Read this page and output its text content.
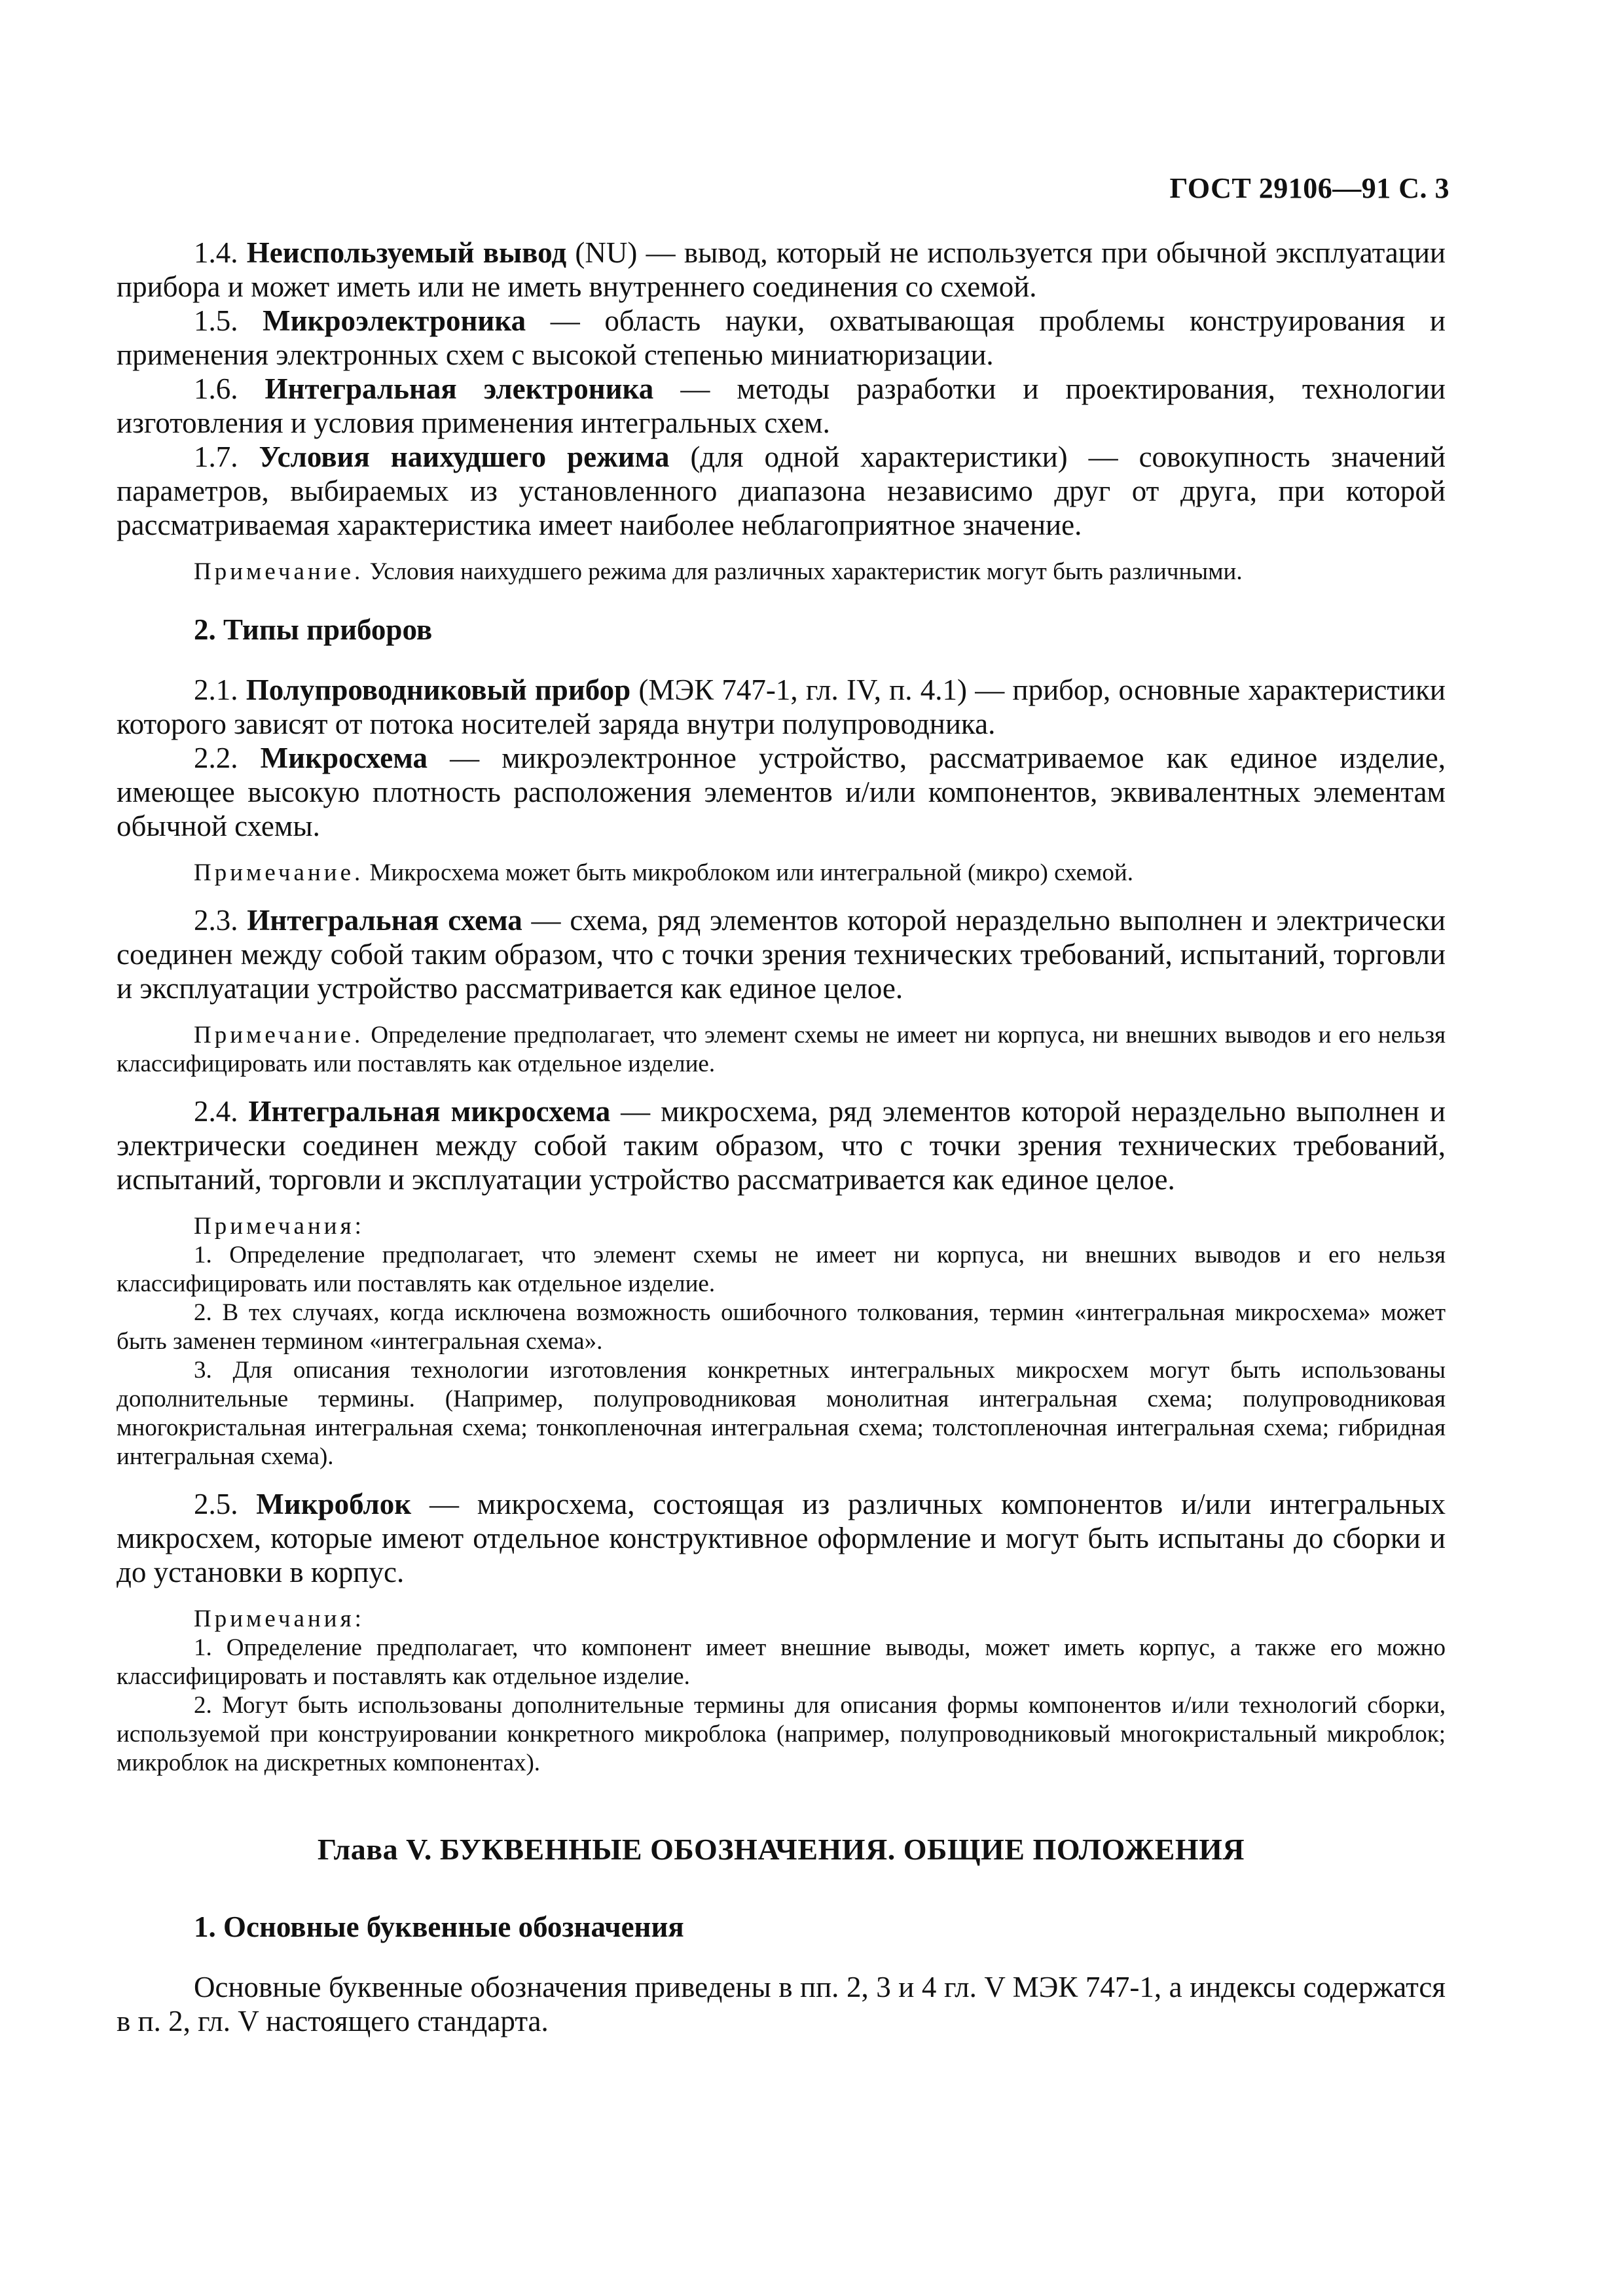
ГОСТ 29106—91 С. 3

1.4. Неиспользуемый вывод (NU) — вывод, который не используется при обычной эксплуатации прибора и может иметь или не иметь внутреннего соединения со схемой.

1.5. Микроэлектроника — область науки, охватывающая проблемы конструирования и применения электронных схем с высокой степенью миниатюризации.

1.6. Интегральная электроника — методы разработки и проектирования, технологии изготовления и условия применения интегральных схем.

1.7. Условия наихудшего режима (для одной характеристики) — совокупность значений параметров, выбираемых из установленного диапазона независимо друг от друга, при которой рассматриваемая характеристика имеет наиболее неблагоприятное значение.

Примечание. Условия наихудшего режима для различных характеристик могут быть различными.

2. Типы приборов

2.1. Полупроводниковый прибор (МЭК 747-1, гл. IV, п. 4.1) — прибор, основные характеристики которого зависят от потока носителей заряда внутри полупроводника.

2.2. Микросхема — микроэлектронное устройство, рассматриваемое как единое изделие, имеющее высокую плотность расположения элементов и/или компонентов, эквивалентных элементам обычной схемы.

Примечание. Микросхема может быть микроблоком или интегральной (микро) схемой.

2.3. Интегральная схема — схема, ряд элементов которой нераздельно выполнен и электрически соединен между собой таким образом, что с точки зрения технических требований, испытаний, торговли и эксплуатации устройство рассматривается как единое целое.

Примечание. Определение предполагает, что элемент схемы не имеет ни корпуса, ни внешних выводов и его нельзя классифицировать или поставлять как отдельное изделие.

2.4. Интегральная микросхема — микросхема, ряд элементов которой нераздельно выполнен и электрически соединен между собой таким образом, что с точки зрения технических требований, испытаний, торговли и эксплуатации устройство рассматривается как единое целое.

Примечания:

1. Определение предполагает, что элемент схемы не имеет ни корпуса, ни внешних выводов и его нельзя классифицировать или поставлять как отдельное изделие.

2. В тех случаях, когда исключена возможность ошибочного толкования, термин «интегральная микросхема» может быть заменен термином «интегральная схема».

3. Для описания технологии изготовления конкретных интегральных микросхем могут быть использованы дополнительные термины. (Например, полупроводниковая монолитная интегральная схема; полупроводниковая многокристальная интегральная схема; тонкопленочная интегральная схема; толстопленочная интегральная схема; гибридная интегральная схема).

2.5. Микроблок — микросхема, состоящая из различных компонентов и/или интегральных микросхем, которые имеют отдельное конструктивное оформление и могут быть испытаны до сборки и до установки в корпус.

Примечания:

1. Определение предполагает, что компонент имеет внешние выводы, может иметь корпус, а также его можно классифицировать и поставлять как отдельное изделие.

2. Могут быть использованы дополнительные термины для описания формы компонентов и/или технологий сборки, используемой при конструировании конкретного микроблока (например, полупроводниковый многокристальный микроблок; микроблок на дискретных компонентах).

Глава V. БУКВЕННЫЕ ОБОЗНАЧЕНИЯ. ОБЩИЕ ПОЛОЖЕНИЯ

1. Основные буквенные обозначения

Основные буквенные обозначения приведены в пп. 2, 3 и 4 гл. V МЭК 747-1, а индексы содержатся в п. 2, гл. V настоящего стандарта.
